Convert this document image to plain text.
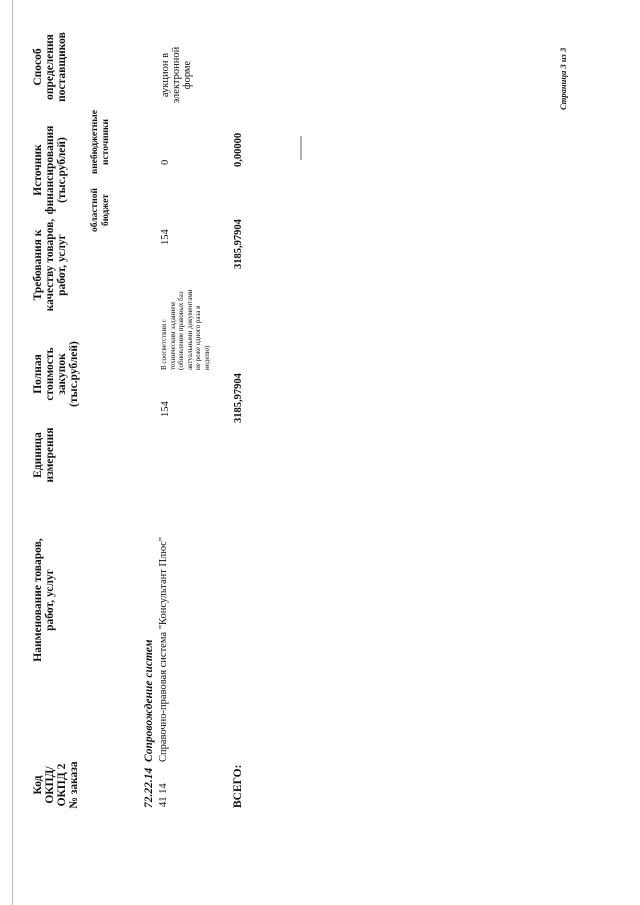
Код ОКПД/ ОКПД 2 № заказа
Наименование товаров, работ, услуг
Единица измерения
Полная стоимость закупок (тыс.рублей)
Требования к качеству товаров, работ, услуг
Источник финансирования (тыс.рублей)
областной бюджет
внебюджетные источники
Способ определения поставщиков
72.22.14
Сопровождение систем
41 14
Справочно-правовая система "Консультант Плюс"
154
В соответствии с техническим заданием (обновление правовых баз актуальными документами не реже одного раза в неделю)
154
0
аукцион в электронной форме
ВСЕГО:
3185,97904
3185,97904
0,00000
Страница 3 из 3
